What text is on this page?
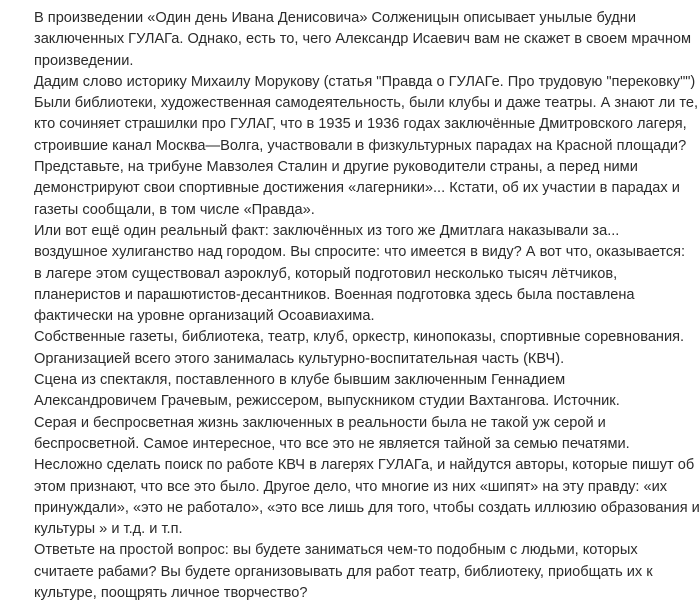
В произведении «Один день Ивана Денисовича» Солженицын описывает унылые будни
заключенных ГУЛАГа. Однако, есть то, чего Александр Исаевич вам не скажет в своем мрачном
произведении.

Дадим слово историку Михаилу Морукову (статья "Правда о ГУЛАГе. Про трудовую "перековку"")

Были библиотеки, художественная самодеятельность, были клубы и даже театры. А знают ли те,
кто сочиняет страшилки про ГУЛАГ, что в 1935 и 1936 годах заключённые Дмитровского лагеря,
строившие канал Москва—Волга, участвовали в физкультурных парадах на Красной площади?

Представьте, на трибуне Мавзолея Сталин и другие руководители страны, а перед ними
демонстрируют свои спортивные достижения «лагерники»... Кстати, об их участии в парадах и
газеты сообщали, в том числе «Правда».

Или вот ещё один реальный факт: заключённых из того же Дмитлага наказывали за...
воздушное хулиганство над городом. Вы спросите: что имеется в виду? А вот что, оказывается:
в лагере этом существовал аэроклуб, который подготовил несколько тысяч лётчиков,
планеристов и парашютистов-десантников. Военная подготовка здесь была поставлена
фактически на уровне организаций Осоавиахима.

Собственные газеты, библиотека, театр, клуб, оркестр, кинопоказы, спортивные соревнования.
Организацией всего этого занималась культурно-воспитательная часть (КВЧ).

Сцена из спектакля, поставленного в клубе бывшим заключенным Геннадием
Александровичем Грачевым, режиссером, выпускником студии Вахтангова. Источник.

Серая и беспросветная жизнь заключенных в реальности была не такой уж серой и
беспросветной. Самое интересное, что все это не является тайной за семью печатями.

Несложно сделать поиск по работе КВЧ в лагерях ГУЛАГа, и найдутся авторы, которые пишут об
этом признают, что все это было. Другое дело, что многие из них «шипят» на эту правду: «их
принуждали», «это не работало», «это все лишь для того, чтобы создать иллюзию образования и
культуры » и т.д. и т.п.

Ответьте на простой вопрос: вы будете заниматься чем-то подобным с людьми, которых
считаете рабами? Вы будете организовывать для работ театр, библиотеку, приобщать их к
культуре, поощрять личное творчество?
